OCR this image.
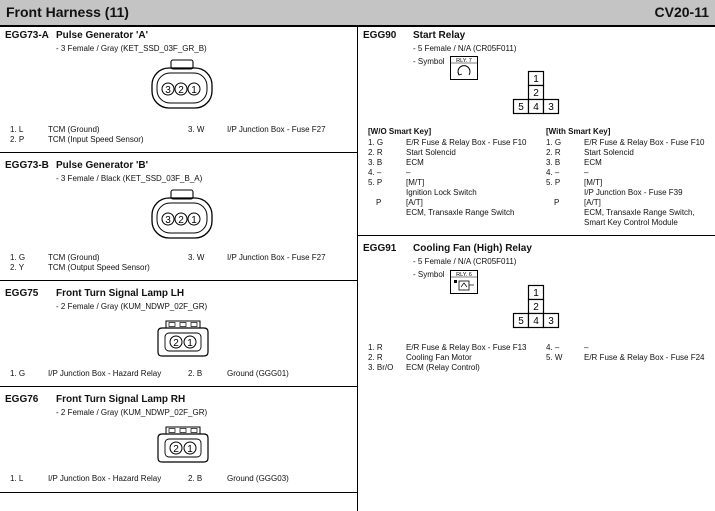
Front Harness (11)	CV20-11
EGG73-A Pulse Generator 'A'
- 3 Female / Gray (KET_SSD_03F_GR_B)
3 2 1
1. L	TCM (Ground)
2. P	TCM (Input Speed Sensor)
3. W	I/P Junction Box - Fuse F27
EGG73-B Pulse Generator 'B'
- 3 Female / Black (KET_SSD_03F_B_A)
3 2 1
1. G	TCM (Ground)
2. Y	TCM (Output Speed Sensor)
3. W	I/P Junction Box - Fuse F27
EGG75 Front Turn Signal Lamp LH
- 2 Female / Gray (KUM_NDWP_02F_GR)
2 1
1. G	I/P Junction Box - Hazard Relay	2. B	Ground (GGG01)
EGG76 Front Turn Signal Lamp RH
- 2 Female / Gray (KUM_NDWP_02F_GR)
2 1
1. L	I/P Junction Box - Hazard Relay	2. B	Ground (GGG03)
EGG90 Start Relay
- 5 Female / N/A (CR05F011)
- Symbol RLY. 7
1
2
5 4 3
[W/O Smart Key]
1. G	E/R Fuse & Relay Box - Fuse F10
2. R	Start Solencid
3. B	ECM
4. –	–
5. P	[M/T]
Ignition Lock Switch
P	[A/T]
ECM, Transaxle Range Switch
[With Smart Key]
1. G	E/R Fuse & Relay Box - Fuse F10
2. R	Start Solencid
3. B	ECM
4. –	–
5. P	[M/T]
I/P Junction Box - Fuse F39
P	[A/T]
ECM, Transaxle Range Switch,
Smart Key Control Module
EGG91 Cooling Fan (High) Relay
- 5 Female / N/A (CR05F011)
- Symbol RLY. 6
1
2
5 4 3
1. R	E/R Fuse & Relay Box - Fuse F13
2. R	Cooling Fan Motor
3. Br/O ECM (Relay Control)
4. –	–
5. W	E/R Fuse & Relay Box - Fuse F24
